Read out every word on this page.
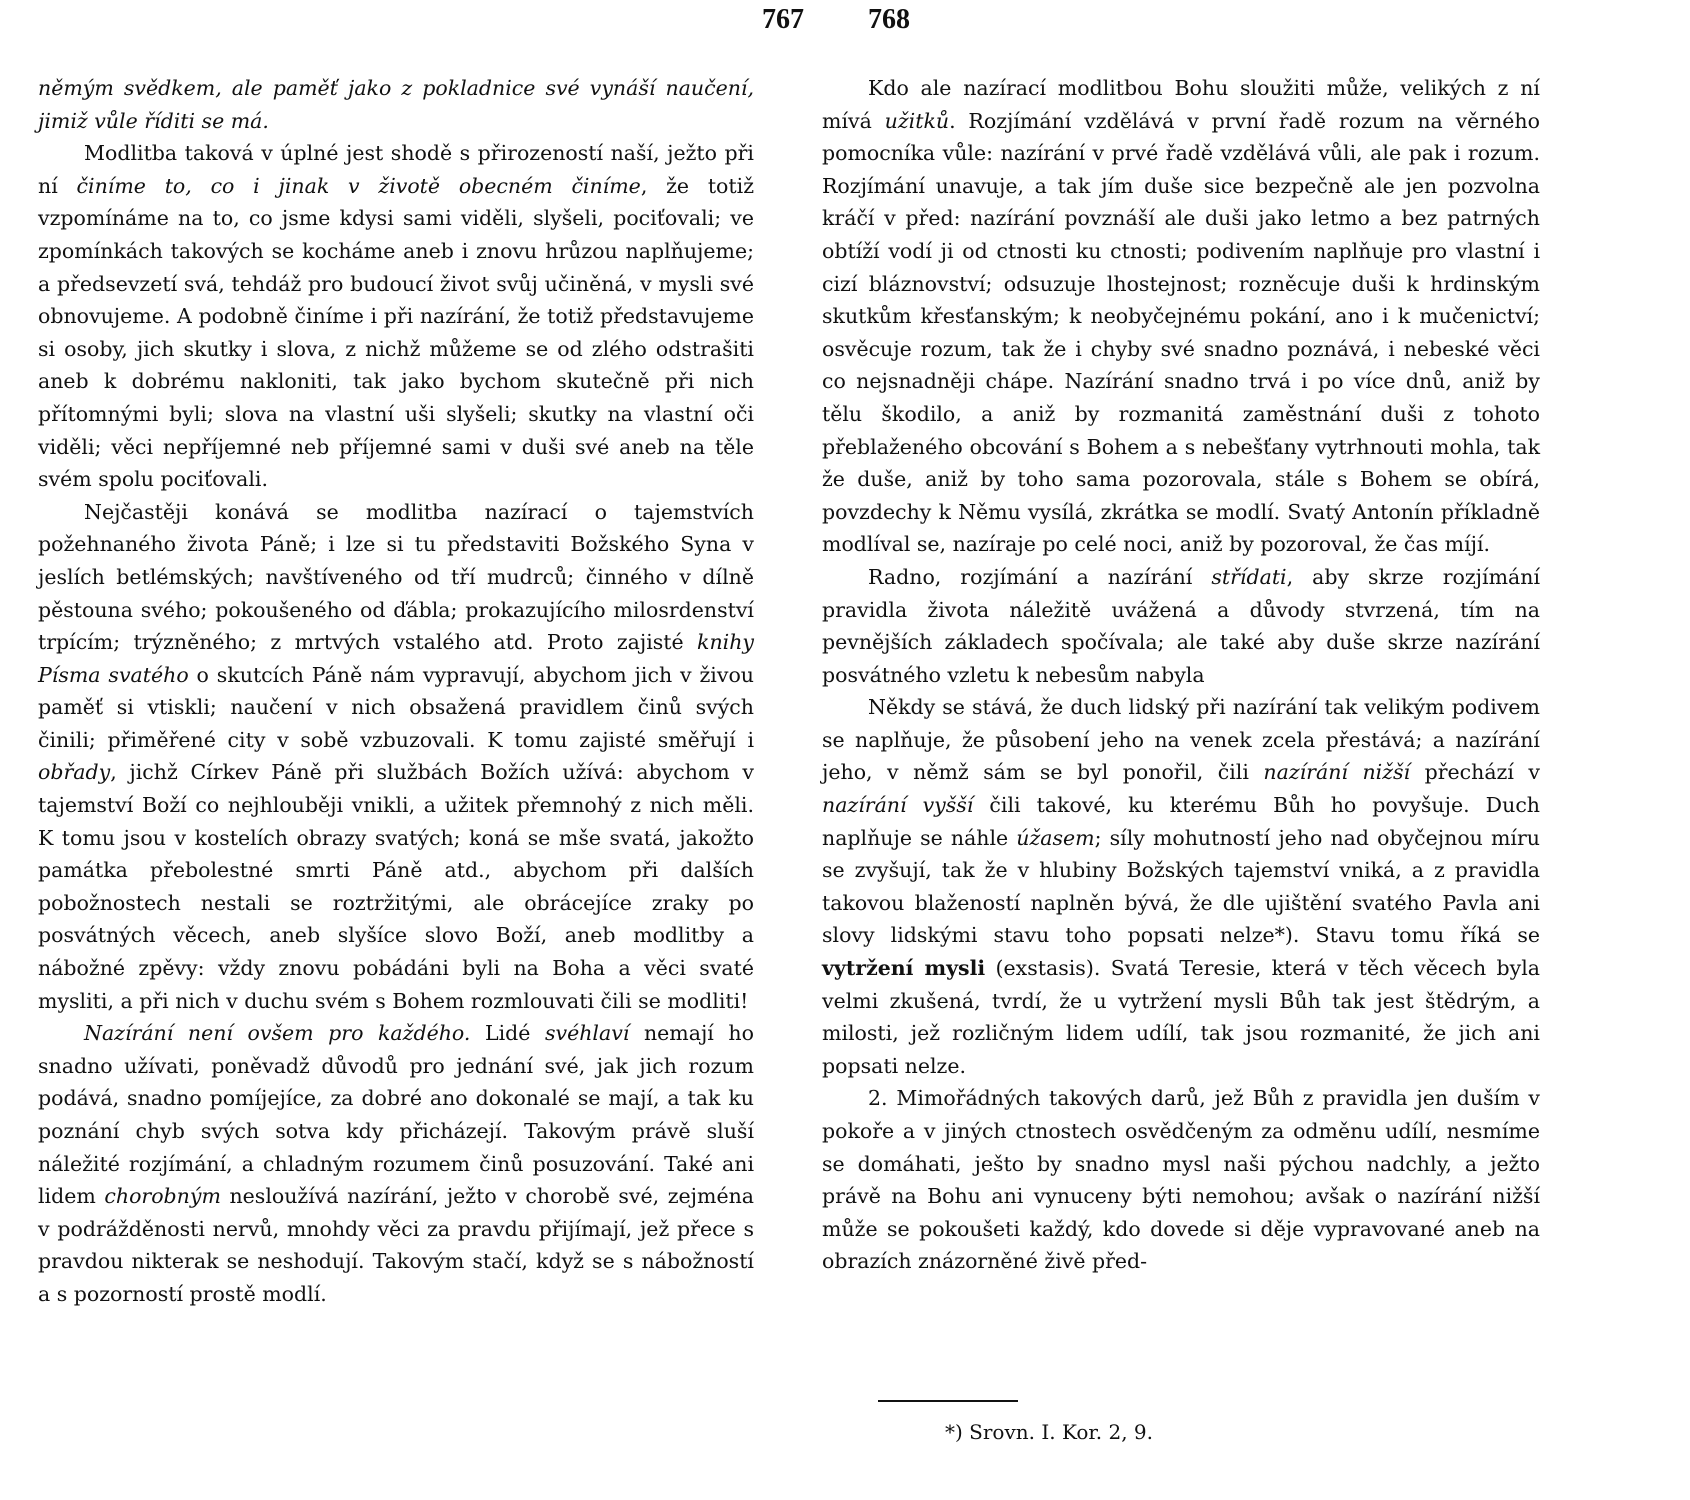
767 768

němým svědkem, ale paměť jako z pokladnice své vynáší naučení, jimiž vůle říditi se má.

Modlitba taková v úplné jest shodě s přirozeností naší, ježto při ní činíme to, co i jinak v životě obecném činíme, že totiž vzpomínáme na to, co jsme kdysi sami viděli, slyšeli, pociťovali; ve zpomínkách takových se kocháme aneb i znovu hrůzou naplňujeme; a předsevzetí svá, tehdáž pro budoucí život svůj učiněná, v mysli své obnovujeme. A podobně činíme i při nazírání, že totiž představujeme si osoby, jich skutky i slova, z nichž můžeme se od zlého odstrašiti aneb k dobrému nakloniti, tak jako bychom skutečně při nich přítomnými byli; slova na vlastní uši slyšeli; skutky na vlastní oči viděli; věci nepříjemné neb příjemné sami v duši své aneb na těle svém spolu pociťovali.

Nejčastěji konává se modlitba nazírací o tajemstvích požehnaného života Páně; i lze si tu představiti Božského Syna v jeslích betlémských; navštíveného od tří mudrců; činného v dílně pěstouna svého; pokoušeného od ďábla; prokazujícího milosrdenství trpícím; trýzněného; z mrtvých vstalého atd. Proto zajisté knihy Písma svatého o skutcích Páně nám vypravují, abychom jich v živou paměť si vtiskli; naučení v nich obsažená pravidlem činů svých činili; přiměřené city v sobě vzbuzovali. K tomu zajisté směřují i obřady, jichž Církev Páně při službách Božích užívá: abychom v tajemství Boží co nejhlouběji vnikli, a užitek přemnohý z nich měli. K tomu jsou v kostelích obrazy svatých; koná se mše svatá, jakožto památka přebolestné smrti Páně atd., abychom při dalších pobožnostech nestali se roztržitými, ale obrácejíce zraky po posvátných věcech, aneb slyšíce slovo Boží, aneb modlitby a nábožné zpěvy: vždy znovu pobádáni byli na Boha a věci svaté mysliti, a při nich v duchu svém s Bohem rozmlouvati čili se modliti!

Nazírání není ovšem pro každého. Lidé svéhlaví nemají ho snadno užívati, poněvadž důvodů pro jednání své, jak jich rozum podává, snadno pomíjejíce, za dobré ano dokonalé se mají, a tak ku poznání chyb svých sotva kdy přicházejí. Takovým právě sluší náležité rozjímání, a chladným rozumem činů posuzování. Také ani lidem chorobným nesloužívá nazírání, ježto v chorobě své, zejména v podrážděnosti nervů, mnohdy věci za pravdu přijímají, jež přece s pravdou nikterak se neshodují. Takovým stačí, když se s nábožností a s pozorností prostě modlí.

Kdo ale nazírací modlitbou Bohu sloužiti může, velikých z ní mívá užitků. Rozjímání vzdělává v první řadě rozum na věrného pomocníka vůle: nazírání v prvé řadě vzdělává vůli, ale pak i rozum. Rozjímání unavuje, a tak jím duše sice bezpečně ale jen pozvolna kráčí v před: nazírání povznáší ale duši jako letmo a bez patrných obtíží vodí ji od ctnosti ku ctnosti; podivením naplňuje pro vlastní i cizí bláznovství; odsuzuje lhostejnost; rozněcuje duši k hrdinským skutkům křesťanským; k neobyčejnému pokání, ano i k mučenictví; osvěcuje rozum, tak že i chyby své snadno poznává, i nebeské věci co nejsnadněji chápe. Nazírání snadno trvá i po více dnů, aniž by tělu škodilo, a aniž by rozmanitá zaměstnání duši z tohoto přeblaženého obcování s Bohem a s nebešťany vytrhnouti mohla, tak že duše, aniž by toho sama pozorovala, stále s Bohem se obírá, povzdechy k Němu vysílá, zkrátka se modlí. Svatý Antonín příkladně modlíval se, nazíraje po celé noci, aniž by pozoroval, že čas míjí.

Radno, rozjímání a nazírání střídati, aby skrze rozjímání pravidla života náležitě uvážená a důvody stvrzená, tím na pevnějších základech spočívala; ale také aby duše skrze nazírání posvátného vzletu k nebesům nabyla

Někdy se stává, že duch lidský při nazírání tak velikým podivem se naplňuje, že působení jeho na venek zcela přestává; a nazírání jeho, v němž sám se byl ponořil, čili nazírání nižší přechází v nazírání vyšší čili takové, ku kterému Bůh ho povyšuje. Duch naplňuje se náhle úžasem; síly mohutností jeho nad obyčejnou míru se zvyšují, tak že v hlubiny Božských tajemství vniká, a z pravidla takovou blažeností naplněn bývá, že dle ujištění svatého Pavla ani slovy lidskými stavu toho popsati nelze*). Stavu tomu říká se vytržení mysli (exstasis). Svatá Teresie, která v těch věcech byla velmi zkušená, tvrdí, že u vytržení mysli Bůh tak jest štědrým, a milosti, jež rozličným lidem udílí, tak jsou rozmanité, že jich ani popsati nelze.

2. Mimořádných takových darů, jež Bůh z pravidla jen duším v pokoře a v jiných ctnostech osvědčeným za odměnu udílí, nesmíme se domáhati, ješto by snadno mysl naši pýchou nadchly, a ježto právě na Bohu ani vynuceny býti nemohou; avšak o nazírání nižší může se pokoušeti každý, kdo dovede si děje vypravované aneb na obrazích znázorněné živě před-

*) Srovn. I. Kor. 2, 9.
